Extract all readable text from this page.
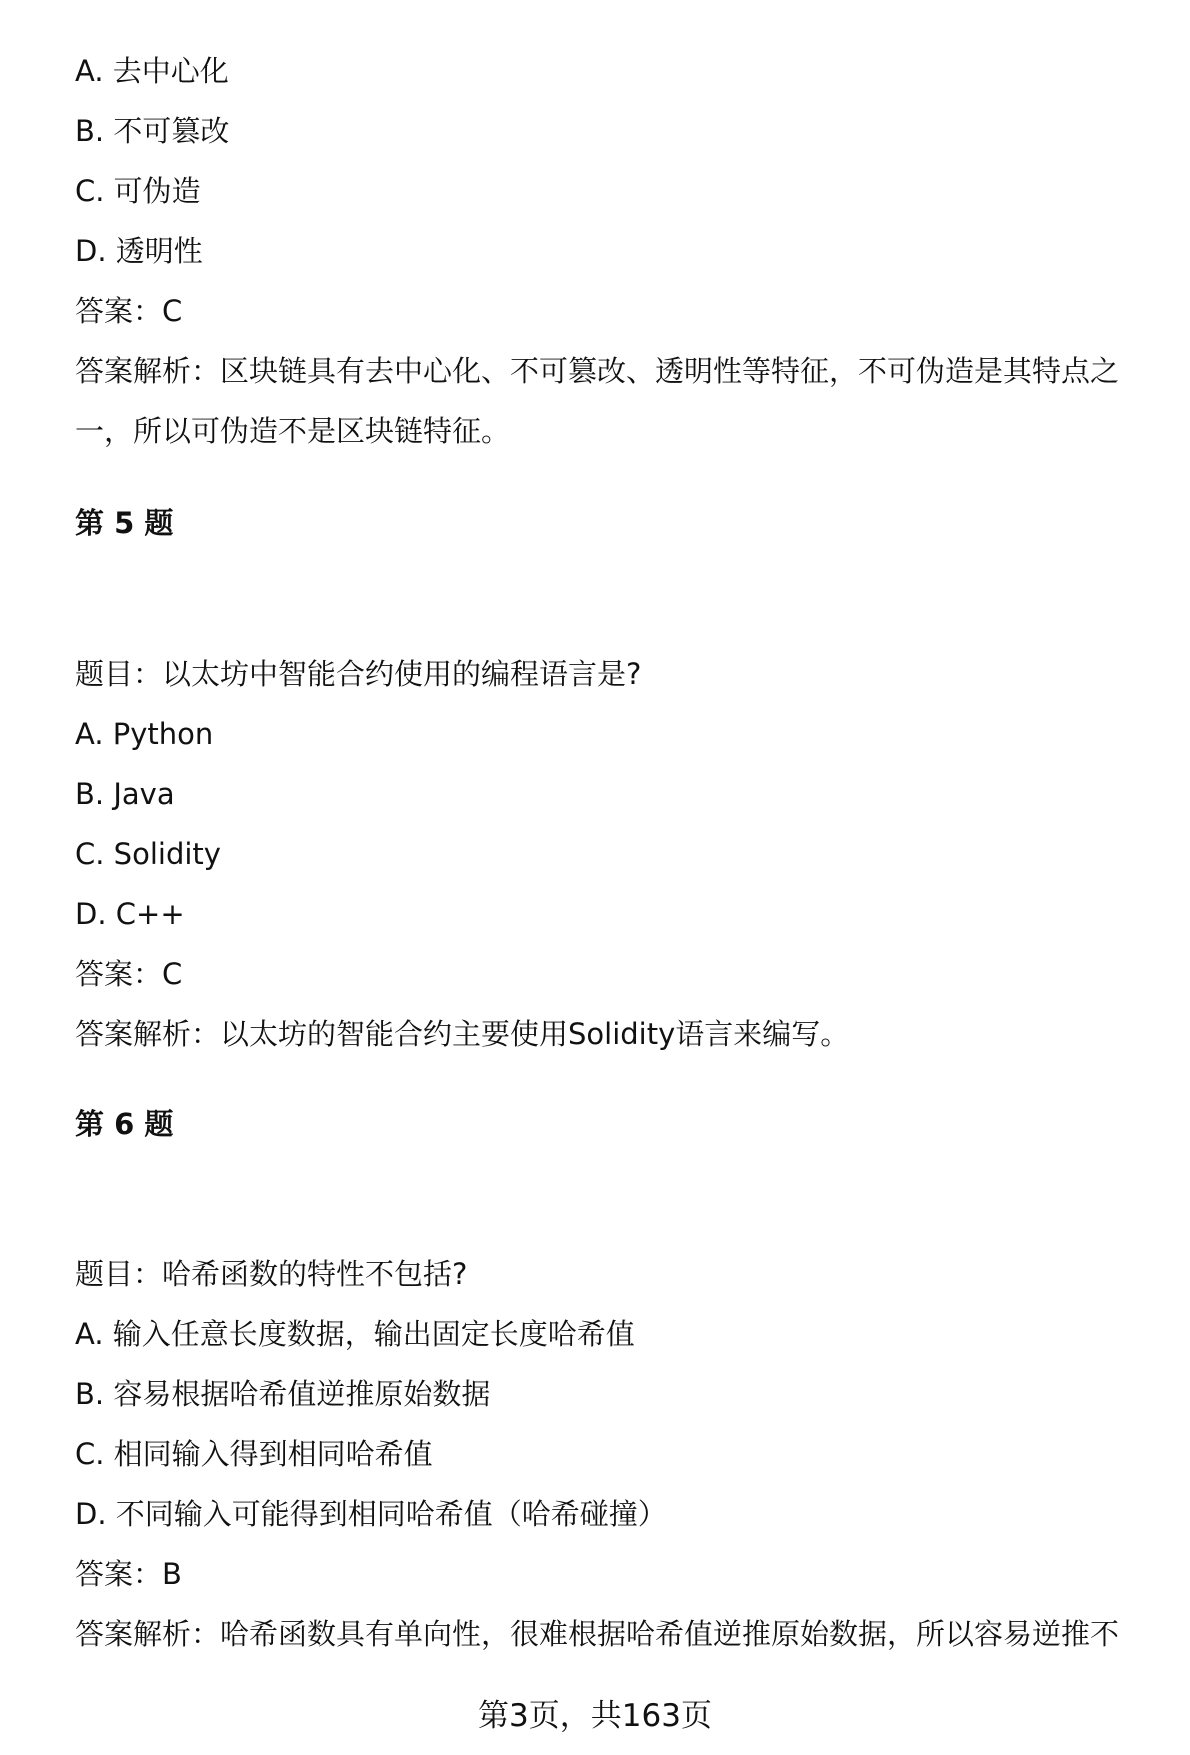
A. 去中心化
B. 不可篡改
C. 可伪造
D. 透明性
答案：C
答案解析：区块链具有去中心化、不可篡改、透明性等特征，不可伪造是其特点之
一，所以可伪造不是区块链特征。
第 5 题
题目：以太坊中智能合约使用的编程语言是?
A. Python
B. Java
C. Solidity
D. C++
答案：C
答案解析：以太坊的智能合约主要使用Solidity语言来编写。
第 6 题
题目：哈希函数的特性不包括?
A. 输入任意长度数据，输出固定长度哈希值
B. 容易根据哈希值逆推原始数据
C. 相同输入得到相同哈希值
D. 不同输入可能得到相同哈希值（哈希碰撞）
答案：B
答案解析：哈希函数具有单向性，很难根据哈希值逆推原始数据，所以容易逆推不
第3页，共163页
